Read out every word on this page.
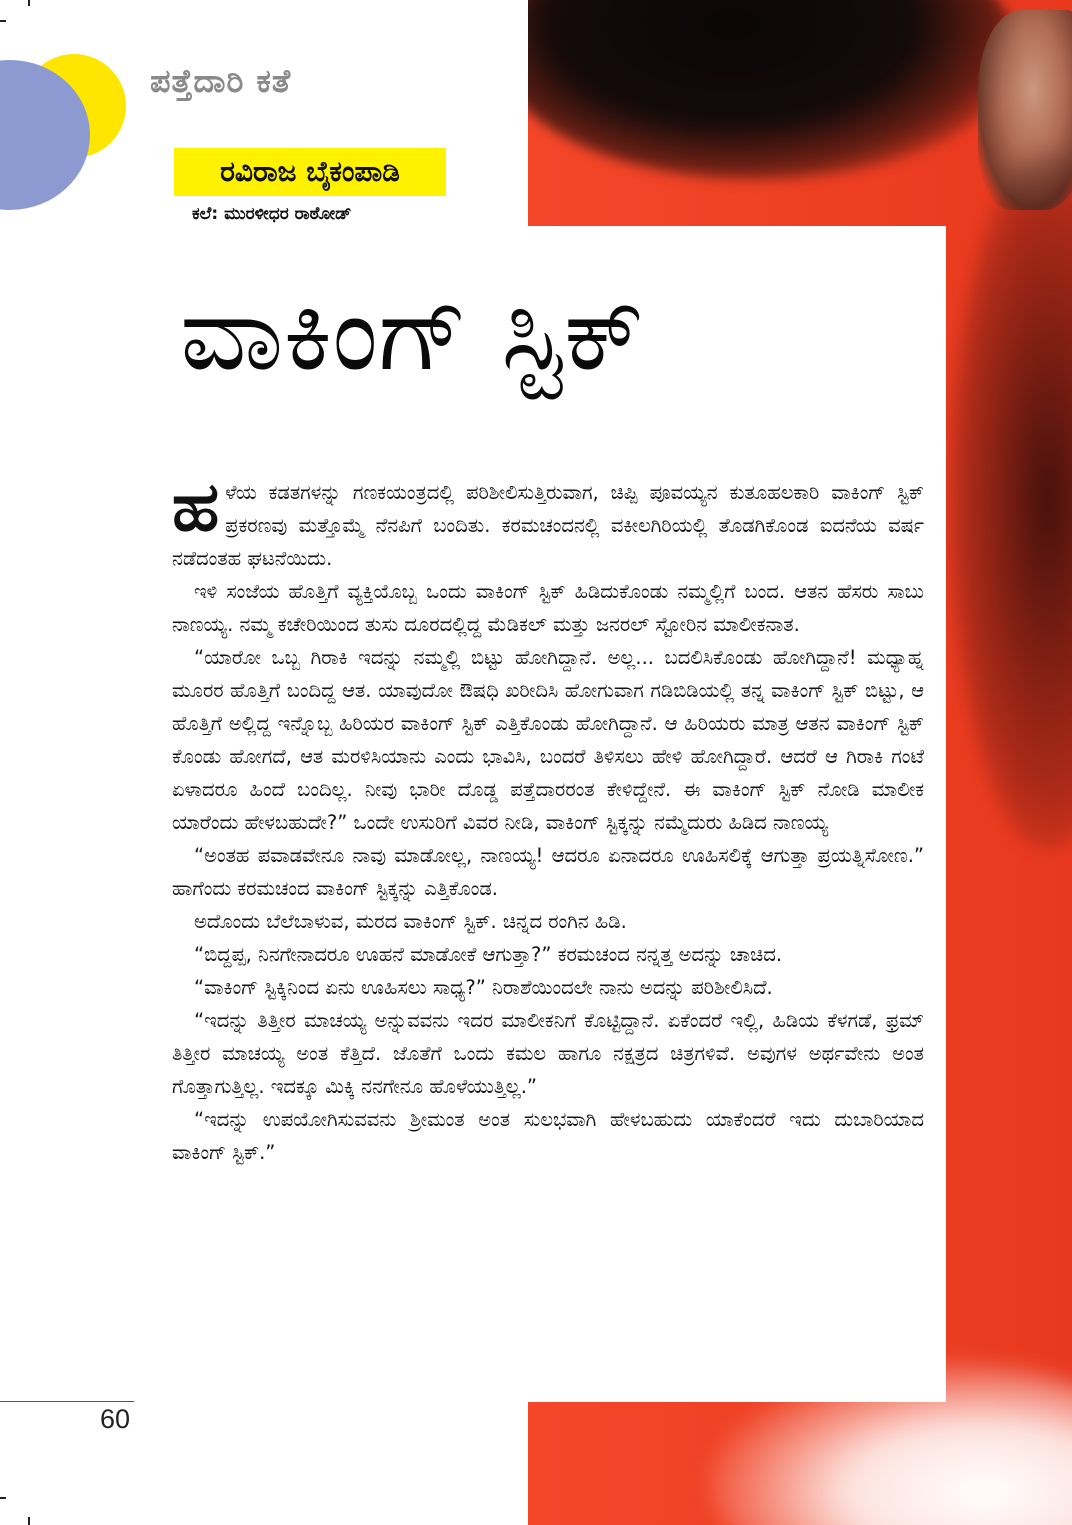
ಪತ್ತೆದಾರಿ ಕತೆ
ರವಿರಾಜ ಬೈಕಂಪಾಡಿ
ಕಲೆ: ಮುರಳೀಧರ ರಾಠೋಡ್
ವಾಕಿಂಗ್ ಸ್ಟಿಕ್

ಹಳೆಯ ಕಡತಗಳನ್ನು ಗಣಕಯಂತ್ರದಲ್ಲಿ ಪರಿಶೀಲಿಸುತ್ತಿರುವಾಗ, ಚಿಪ್ಪಿ ಪೂವಯ್ಯನ ಕುತೂಹಲಕಾರಿ ವಾಕಿಂಗ್ ಸ್ಟಿಕ್ ಪ್ರಕರಣವು ಮತ್ತೊಮ್ಮೆ ನೆನಪಿಗೆ ಬಂದಿತು. ಕರಮಚಂದನಲ್ಲಿ ವಕೀಲಗಿರಿಯಲ್ಲಿ ತೊಡಗಿಕೊಂಡ ಐದನೆಯ ವರ್ಷ ನಡೆದಂತಹ ಘಟನೆಯಿದು.

ಇಳಿ ಸಂಜೆಯ ಹೊತ್ತಿಗೆ ವ್ಯಕ್ತಿಯೊಬ್ಬ ಒಂದು ವಾಕಿಂಗ್ ಸ್ಟಿಕ್ ಹಿಡಿದುಕೊಂಡು ನಮ್ಮಲ್ಲಿಗೆ ಬಂದ. ಆತನ ಹೆಸರು ಸಾಬು ನಾಣಯ್ಯ. ನಮ್ಮ ಕಚೇರಿಯಿಂದ ತುಸು ದೂರದಲ್ಲಿದ್ದ ಮೆಡಿಕಲ್ ಮತ್ತು ಜನರಲ್ ಸ್ಟೋರಿನ ಮಾಲೀಕನಾತ.

“ಯಾರೋ ಒಬ್ಬ ಗಿರಾಕಿ ಇದನ್ನು ನಮ್ಮಲ್ಲಿ ಬಿಟ್ಟು ಹೋಗಿದ್ದಾನೆ. ಅಲ್ಲ... ಬದಲಿಸಿಕೊಂಡು ಹೋಗಿದ್ದಾನೆ! ಮಧ್ಯಾಹ್ನ ಮೂರರ ಹೊತ್ತಿಗೆ ಬಂದಿದ್ದ ಆತ. ಯಾವುದೋ ಔಷಧಿ ಖರೀದಿಸಿ ಹೋಗುವಾಗ ಗಡಿಬಿಡಿಯಲ್ಲಿ ತನ್ನ ವಾಕಿಂಗ್ ಸ್ಟಿಕ್ ಬಿಟ್ಟು, ಆ ಹೊತ್ತಿಗೆ ಅಲ್ಲಿದ್ದ ಇನ್ನೊಬ್ಬ ಹಿರಿಯರ ವಾಕಿಂಗ್ ಸ್ಟಿಕ್ ಎತ್ತಿಕೊಂಡು ಹೋಗಿದ್ದಾನೆ. ಆ ಹಿರಿಯರು ಮಾತ್ರ ಆತನ ವಾಕಿಂಗ್ ಸ್ಟಿಕ್ ಕೊಂಡು ಹೋಗದೆ, ಆತ ಮರಳಿಸಿಯಾನು ಎಂದು ಭಾವಿಸಿ, ಬಂದರೆ ತಿಳಿಸಲು ಹೇಳಿ ಹೋಗಿದ್ದಾರೆ. ಆದರೆ ಆ ಗಿರಾಕಿ ಗಂಟೆ ಏಳಾದರೂ ಹಿಂದೆ ಬಂದಿಲ್ಲ. ನೀವು ಭಾರೀ ದೊಡ್ಡ ಪತ್ತೆದಾರರಂತ ಕೇಳಿದ್ದೇನೆ. ಈ ವಾಕಿಂಗ್ ಸ್ಟಿಕ್ ನೋಡಿ ಮಾಲೀಕ ಯಾರೆಂದು ಹೇಳಬಹುದೇ?” ಒಂದೇ ಉಸುರಿಗೆ ವಿವರ ನೀಡಿ, ವಾಕಿಂಗ್ ಸ್ಟಿಕ್ಕನ್ನು ನಮ್ಮೆದುರು ಹಿಡಿದ ನಾಣಯ್ಯ

“ಅಂತಹ ಪವಾಡವೇನೂ ನಾವು ಮಾಡೋಲ್ಲ, ನಾಣಯ್ಯ! ಆದರೂ ಏನಾದರೂ ಊಹಿಸಲಿಕ್ಕೆ ಆಗುತ್ತಾ ಪ್ರಯತ್ನಿಸೋಣ.” ಹಾಗೆಂದು ಕರಮಚಂದ ವಾಕಿಂಗ್ ಸ್ಟಿಕ್ಕನ್ನು ಎತ್ತಿಕೊಂಡ.

ಅದೊಂದು ಬೆಲೆಬಾಳುವ, ಮರದ ವಾಕಿಂಗ್ ಸ್ಟಿಕ್. ಚಿನ್ನದ ರಂಗಿನ ಹಿಡಿ.

“ಬಿದ್ದಪ್ಪ, ನಿನಗೇನಾದರೂ ಊಹನೆ ಮಾಡೋಕೆ ಆಗುತ್ತಾ?” ಕರಮಚಂದ ನನ್ನತ್ತ ಅದನ್ನು ಚಾಚಿದ.

“ವಾಕಿಂಗ್ ಸ್ಟಿಕ್ಕಿನಿಂದ ಏನು ಊಹಿಸಲು ಸಾಧ್ಯ?” ನಿರಾಶೆಯಿಂದಲೇ ನಾನು ಅದನ್ನು ಪರಿಶೀಲಿಸಿದೆ.

“ಇದನ್ನು ತಿತ್ತೀರ ಮಾಚಯ್ಯ ಅನ್ನುವವನು ಇದರ ಮಾಲೀಕನಿಗೆ ಕೊಟ್ಟಿದ್ದಾನೆ. ಏಕೆಂದರೆ ಇಲ್ಲಿ, ಹಿಡಿಯ ಕೆಳಗಡೆ, ಫ್ರಮ್ ತಿತ್ತೀರ ಮಾಚಯ್ಯ ಅಂತ ಕೆತ್ತಿದೆ. ಜೊತೆಗೆ ಒಂದು ಕಮಲ ಹಾಗೂ ನಕ್ಷತ್ರದ ಚಿತ್ರಗಳಿವೆ. ಅವುಗಳ ಅರ್ಥವೇನು ಅಂತ ಗೊತ್ತಾಗುತ್ತಿಲ್ಲ. ಇದಕ್ಕೂ ಮಿಕ್ಕಿ ನನಗೇನೂ ಹೊಳೆಯುತ್ತಿಲ್ಲ.”

“ಇದನ್ನು ಉಪಯೋಗಿಸುವವನು ಶ್ರೀಮಂತ ಅಂತ ಸುಲಭವಾಗಿ ಹೇಳಬಹುದು ಯಾಕೆಂದರೆ ಇದು ದುಬಾರಿಯಾದ ವಾಕಿಂಗ್ ಸ್ಟಿಕ್.”

60
